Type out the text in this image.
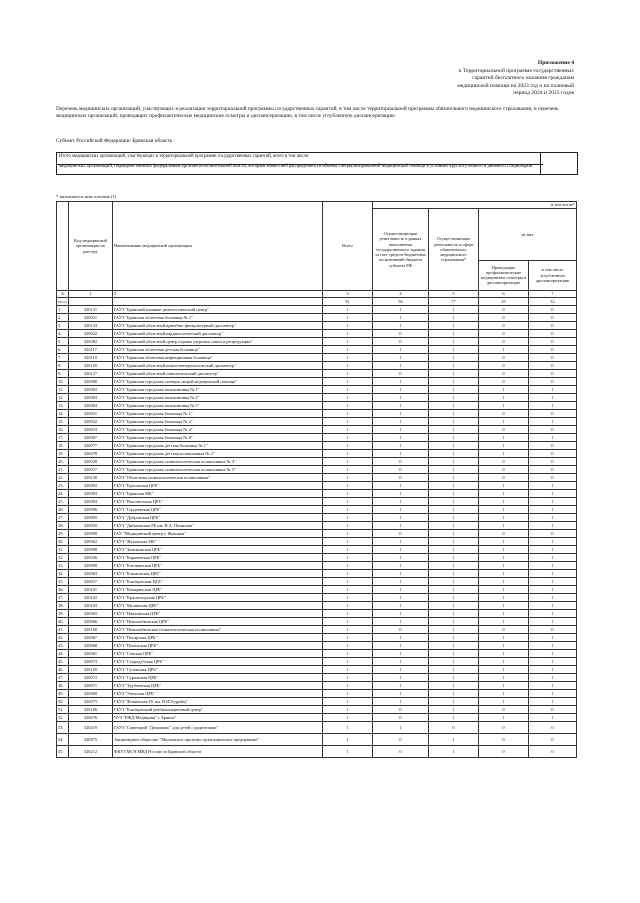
Приложение 4
к Территориальной программе государственных
гарантий бесплатного оказания гражданам
медицинской помощи на 2023 год и на плановый
период 2024 и 2025 годов
Перечень медицинских организаций, участвующих в реализации территориальной программы государственных гарантий, в том числе территориальной программы обязательного медицинского страхования, и перечень медицинских организаций, проводящих профилактические медицинские осмотры и диспансеризацию, в том числе углубленную диспансеризацию
Субъект Российской Федерации: Брянская область
Итого медицинских организаций, участвующих в территориальной программе государственных гарантий, всего в том числе:
медицинских организаций, подведомственных федеральным органам исполнительной власти, которым комиссией распределяются объемы специализированной медицинской помощи в условиях круглосуточного и дневного стационаров
* заполняется знак отличия (1)
	Код медицинской организации по реестру	Наименование медицинской организации	Всего	в том числе*			
				Осуществляющие деятельность в рамках выполнения государственного задания за счет средств бюджетных ассигнований бюджета субъекта РФ	Осуществляющие деятельность в сфере обязательного медицинского страхования*	из них	
						Проводящие профилактические медицинские осмотры и диспансеризацию	в том числе углубленную диспансеризацию
А	1	2	3	4	5	6	7
Итого			91	56	77	35	32
1.	320131	ГАУЗ "Брянский клинико-диагностический центр"	1	1	1	0	0
2.	320021	ГАУЗ "Брянская областная больница № 1"	1	1	1	0	0
3.	320134	ГАУЗ "Брянский областной врачебно-физкультурный диспансер"	1	1	1	0	0
4.	320022	ГАУЗ "Брянский областной кардиологический диспансер"	1	0	1	0	0
5.	320082	ГАУЗ "Брянский областной центр охраны здоровья семьи и репродукции"	1	0	1	0	0
6.	320117	ГАУЗ "Брянская областная детская больница"	1	1	1	1	0
7.	320119	ГБУЗ "Брянская областная инфекционная больница"	1	1	1	0	0
8.	320105	ГАУЗ "Брянский областной кожно-венерологический диспансер"	1	1	1	0	0
9.	320127	ГАУЗ "Брянский областной онкологический диспансер"	1	0	1	0	0
10.	320080	ГАУЗ "Брянская городская станция скорой медицинской помощи"	1	1	1	0	0
11.	320002	ГАУЗ "Брянская городская поликлиника № 1"	1	1	1	1	1
12.	320003	ГАУЗ "Брянская городская поликлиника № 4"	1	1	1	1	1
13.	320004	ГАУЗ "Брянская городская поликлиника № 5"	1	1	1	1	1
14.	320031	ГАУЗ "Брянская городская больница № 1"	1	1	1	0	0
15.	320032	ГАУЗ "Брянская городская больница № 2"	1	1	1	1	1
16.	320033	ГАУЗ "Брянская городская больница № 4"	1	1	1	0	0
17.	320007	ГАУЗ "Брянская городская больница № 8"	1	1	1	1	1
18.	320077	ГАУЗ "Брянская городская детская больница № 1"	1	1	1	1	0
19.	320078	ГАУЗ "Брянская городская детская поликлиника № 2"	1	1	1	1	0
20.	320028	ГАУЗ "Брянская городская стоматологическая поликлиника № 4"	1	0	1	0	0
21.	320027	ГАУЗ "Брянская городская стоматологическая поликлиника № 3"	1	0	1	0	0
22.	320130	ГАУЗ "Областная стоматологическая поликлиника"	1	0	1	0	0
23.	320092	ГБУЗ "Брасовская ЦРБ"	1	1	1	1	1
24.	320093	ГБУЗ "Брянская МБ"	1	1	1	1	1
25.	320094	ГБУЗ "Выгоничская ЦРБ"	1	1	1	1	1
26.	320096	ГБУЗ "Гордеевская ЦРБ"	1	1	1	1	1
27.	320095	ГБУЗ "Дубровская ЦРБ"	1	1	1	1	1
28.	320035	ГБУЗ "Дятьковская РБ им. В.А. Понизова"	1	1	1	1	1
29.	320099	ГАУ "Медицинский центр г. Жуковки"	1	0	1	0	0
30.	320062	ГБУЗ "Жуковская МБ"	1	1	1	1	1
31.	320098	ГБУЗ "Злынковская ЦРБ"	1	1	1	1	1
32.	320036	ГБУЗ "Карачевская ЦРБ"	1	1	1	1	1
33.	320099	ГБУЗ "Клетнянская ЦРБ"	1	1	1	1	1
34.	320063	ГБУЗ "Климовская ЦРБ"	1	1	1	1	1
35.	320037	ГБУЗ "Клинцовская ЦГБ"	1	1	1	1	1
36.	320101	ГБУЗ "Комаричская ЦРБ"	1	1	1	1	1
37.	320102	ГБУЗ "Красногорская ЦРБ"	1	1	1	1	1
38.	320103	ГБУЗ "Мглинская ЦРБ"	1	1	1	1	1
39.	320065	ГБУЗ "Навлинская ЦРБ"	1	1	1	1	1
40.	320066	ГБУЗ "Новозыбковская ЦРБ"	1	1	1	1	1
41.	320160	ГАУЗ "Новозыбковская стоматологическая поликлиника"	1	0	1	0	0
42.	320067	ГБУЗ "Погарская ЦРБ"	1	1	1	1	1
43.	320068	ГБУЗ "Почепская ЦРБ"	1	1	1	1	1
44.	320061	ГБУЗ "Севская ЦРБ"	1	1	1	1	1
45.	320073	ГБУЗ "Стародубская ЦРБ"	1	1	1	1	1
46.	320105	ГБУЗ "Суземская ЦРБ"	1	1	1	1	1
47.	320072	ГБУЗ "Суражская ЦРБ"	1	1	1	1	1
48.	320071	ГБУЗ "Трубчевская ЦРБ"	1	1	1	1	1
49.	320069	ГБУЗ "Унечская ЦРБ"	1	1	1	1	1
50.	320075	ГБУЗ "Фокинская ГБ им. В.И.Гедройц"	1	1	1	1	1
51.	320106	ГБУЗ "Клинцовский реабилитационный центр"	1	0	1	0	0
52.	320076	ЧУЗ "РЖД-Медицина" г. Брянск"	1	0	1	1	1
53.	320219	ГАУЗ "Санаторий "Домашово" для детей с родителями"	1	1	0	0	0
54.	320875	Акционерное общество "Московское протезно-ортопедическое предприятие"	1	0	1	0	0
55.	320212	ФКУЗ МСЧ МВД России по Брянской области	1	0	1	0	0
